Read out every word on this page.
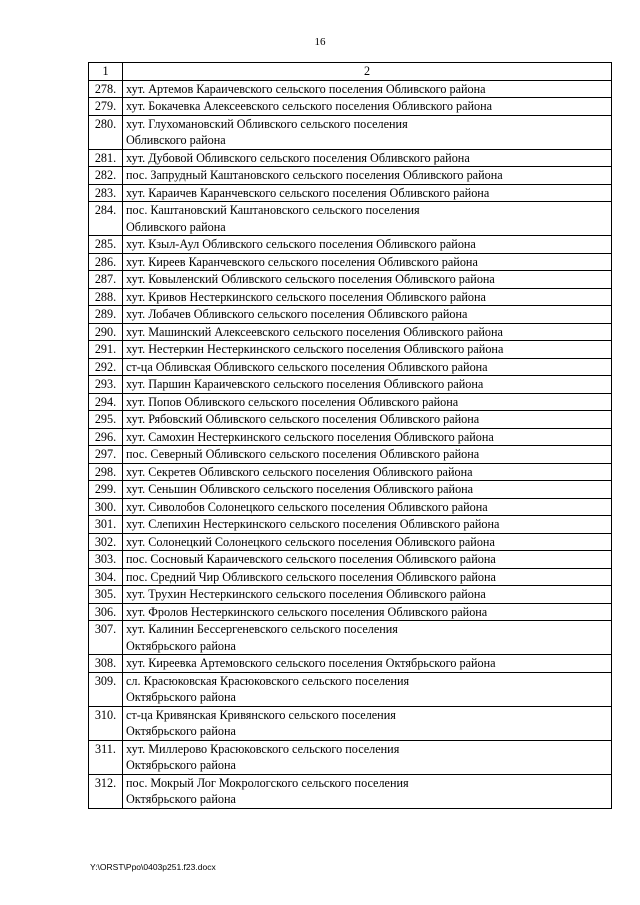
16
1	2
278.	хут. Артемов Караичевского сельского поселения Обливского района
279.	хут. Бокачевка Алексеевского сельского поселения Обливского района
280.	хут. Глухомановский Обливского сельского поселения
Обливского района
281.	хут. Дубовой Обливского сельского поселения Обливского района
282.	пос. Запрудный Каштановского сельского поселения Обливского района
283.	хут. Караичев Каранчевского сельского поселения Обливского района
284.	пос. Каштановский Каштановского сельского поселения
Обливского района
285.	хут. Кзыл-Аул Обливского сельского поселения Обливского района
286.	хут. Киреев Каранчевского сельского поселения Обливского района
287.	хут. Ковыленский Обливского сельского поселения Обливского района
288.	хут. Кривов Нестеркинского сельского поселения Обливского района
289.	хут. Лобачев Обливского сельского поселения Обливского района
290.	хут. Машинский Алексеевского сельского поселения Обливского района
291.	хут. Нестеркин Нестеркинского сельского поселения Обливского района
292.	ст-ца Обливская Обливского сельского поселения Обливского района
293.	хут. Паршин Караичевского сельского поселения Обливского района
294.	хут. Попов Обливского сельского поселения Обливского района
295.	хут. Рябовский Обливского сельского поселения Обливского района
296.	хут. Самохин Нестеркинского сельского поселения Обливского района
297.	пос. Северный Обливского сельского поселения Обливского района
298.	хут. Секретев Обливского сельского поселения Обливского района
299.	хут. Сеньшин Обливского сельского поселения Обливского района
300.	хут. Сиволобов Солонецкого сельского поселения Обливского района
301.	хут. Слепихин Нестеркинского сельского поселения Обливского района
302.	хут. Солонецкий Солонецкого сельского поселения Обливского района
303.	пос. Сосновый Караичевского сельского поселения Обливского района
304.	пос. Средний Чир Обливского сельского поселения Обливского района
305.	хут. Трухин Нестеркинского сельского поселения Обливского района
306.	хут. Фролов Нестеркинского сельского поселения Обливского района
307.	хут. Калинин Бессергеневского сельского поселения
Октябрьского района
308.	хут. Киреевка Артемовского сельского поселения Октябрьского района
309.	сл. Красюковская Красюковского сельского поселения
Октябрьского района
310.	ст-ца Кривянская Кривянского сельского поселения
Октябрьского района
311.	хут. Миллерово Красюковского сельского поселения
Октябрьского района
312.	пос. Мокрый Лог Мокрологского сельского поселения
Октябрьского района
Y:\ORST\Ppo\0403p251.f23.docx
